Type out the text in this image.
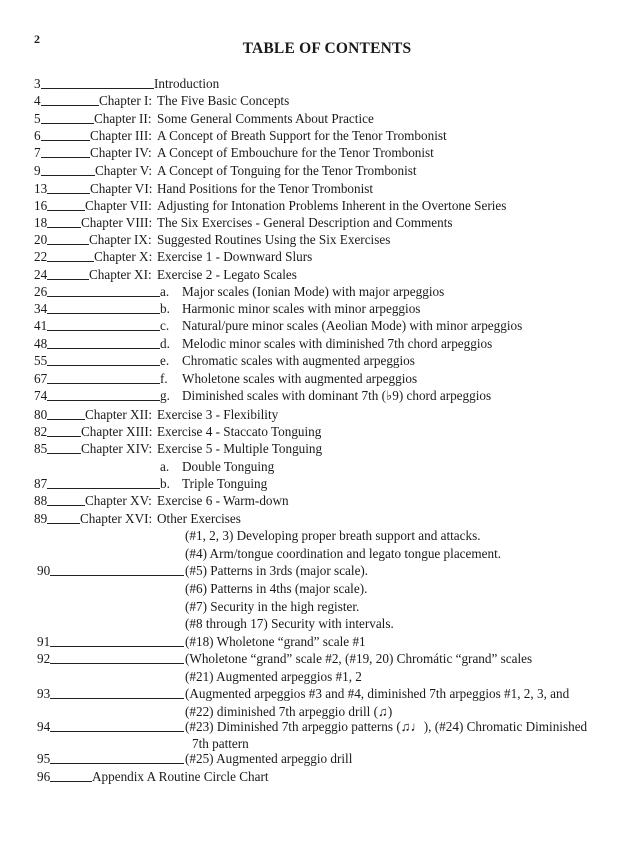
2
TABLE OF CONTENTS
3	Introduction
4	Chapter I: The Five Basic Concepts
5	Chapter II: Some General Comments About Practice
6	Chapter III: A Concept of Breath Support for the Tenor Trombonist
7	Chapter IV: A Concept of Embouchure for the Tenor Trombonist
9	Chapter V: A Concept of Tonguing for the Tenor Trombonist
13	Chapter VI: Hand Positions for the Tenor Trombonist
16	Chapter VII: Adjusting for Intonation Problems Inherent in the Overtone Series
18	Chapter VIII: The Six Exercises - General Description and Comments
20	Chapter IX: Suggested Routines Using the Six Exercises
22	Chapter X: Exercise 1 - Downward Slurs
24	Chapter XI: Exercise 2 - Legato Scales
26	a. Major scales (Ionian Mode) with major arpeggios
34	b. Harmonic minor scales with minor arpeggios
41	c. Natural/pure minor scales (Aeolian Mode) with minor arpeggios
48	d. Melodic minor scales with diminished 7th chord arpeggios
55	e. Chromatic scales with augmented arpeggios
67	f. Wholetone scales with augmented arpeggios
74	g. Diminished scales with dominant 7th (♭9) chord arpeggios
80	Chapter XII: Exercise 3 - Flexibility
82	Chapter XIII: Exercise 4 - Staccato Tonguing
85	Chapter XIV: Exercise 5 - Multiple Tonguing
a. Double Tonguing
87	b. Triple Tonguing
88	Chapter XV: Exercise 6 - Warm-down
89 Chapter XVI: Other Exercises
(#1, 2, 3) Developing proper breath support and attacks.
(#4) Arm/tongue coordination and legato tongue placement.
90	(#5) Patterns in 3rds (major scale).
(#6) Patterns in 4ths (major scale).
(#7) Security in the high register.
(#8 through 17) Security with intervals.
91	(#18) Wholetone “grand” scale #1
92	(Wholetone “grand” scale #2, (#19, 20) Chromátic “grand” scales
(#21) Augmented arpeggios #1, 2
93	(Augmented arpeggios #3 and #4, diminished 7th arpeggios #1, 2, 3, and
(#22) diminished 7th arpeggio drill (♫)
94	(#23) Diminished 7th arpeggio patterns (♫♩), (#24) Chromatic Diminished
7th pattern
95	(#25) Augmented arpeggio drill
96	Appendix A Routine Circle Chart
